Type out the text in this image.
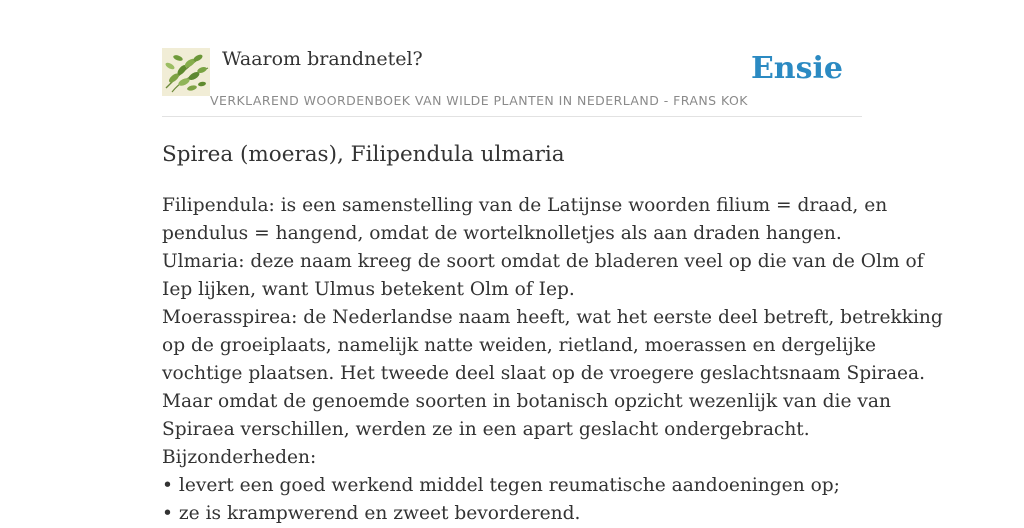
Waarom brandnetel?
VERKLAREND WOORDENBOEK VAN WILDE PLANTEN IN NEDERLAND - FRANS KOK
Ensie
Spirea (moeras), Filipendula ulmaria
Filipendula: is een samenstelling van de Latijnse woorden filium = draad, en
pendulus = hangend, omdat de wortelknolletjes als aan draden hangen.
Ulmaria: deze naam kreeg de soort omdat de bladeren veel op die van de Olm of
Iep lijken, want Ulmus betekent Olm of Iep.
Moerasspirea: de Nederlandse naam heeft, wat het eerste deel betreft, betrekking
op de groeiplaats, namelijk natte weiden, rietland, moerassen en dergelijke
vochtige plaatsen. Het tweede deel slaat op de vroegere geslachtsnaam Spiraea.
Maar omdat de genoemde soorten in botanisch opzicht wezenlijk van die van
Spiraea verschillen, werden ze in een apart geslacht ondergebracht.
Bijzonderheden:
• levert een goed werkend middel tegen reumatische aandoeningen op;
• ze is krampwerend en zweet bevorderend.
